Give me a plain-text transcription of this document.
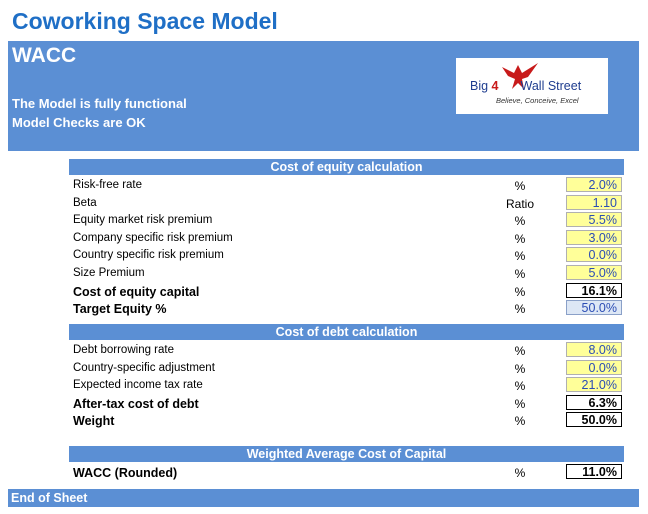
Coworking Space Model
WACC
The Model is fully functional
Model Checks are OK
Big 4 Wall Street
Believe, Conceive, Excel
Cost of equity calculation
Risk-free rate	%	2.0%
Beta	Ratio	1.10
Equity market risk premium	%	5.5%
Company specific risk premium	%	3.0%
Country specific risk premium	%	0.0%
Size Premium	%	5.0%
Cost of equity capital	%	16.1%
Target Equity %	%	50.0%
Cost of debt calculation
Debt borrowing rate	%	8.0%
Country-specific adjustment	%	0.0%
Expected income tax rate	%	21.0%
After-tax cost of debt	%	6.3%
Weight	%	50.0%
Weighted Average Cost of Capital
WACC (Rounded)	%	11.0%
End of Sheet
